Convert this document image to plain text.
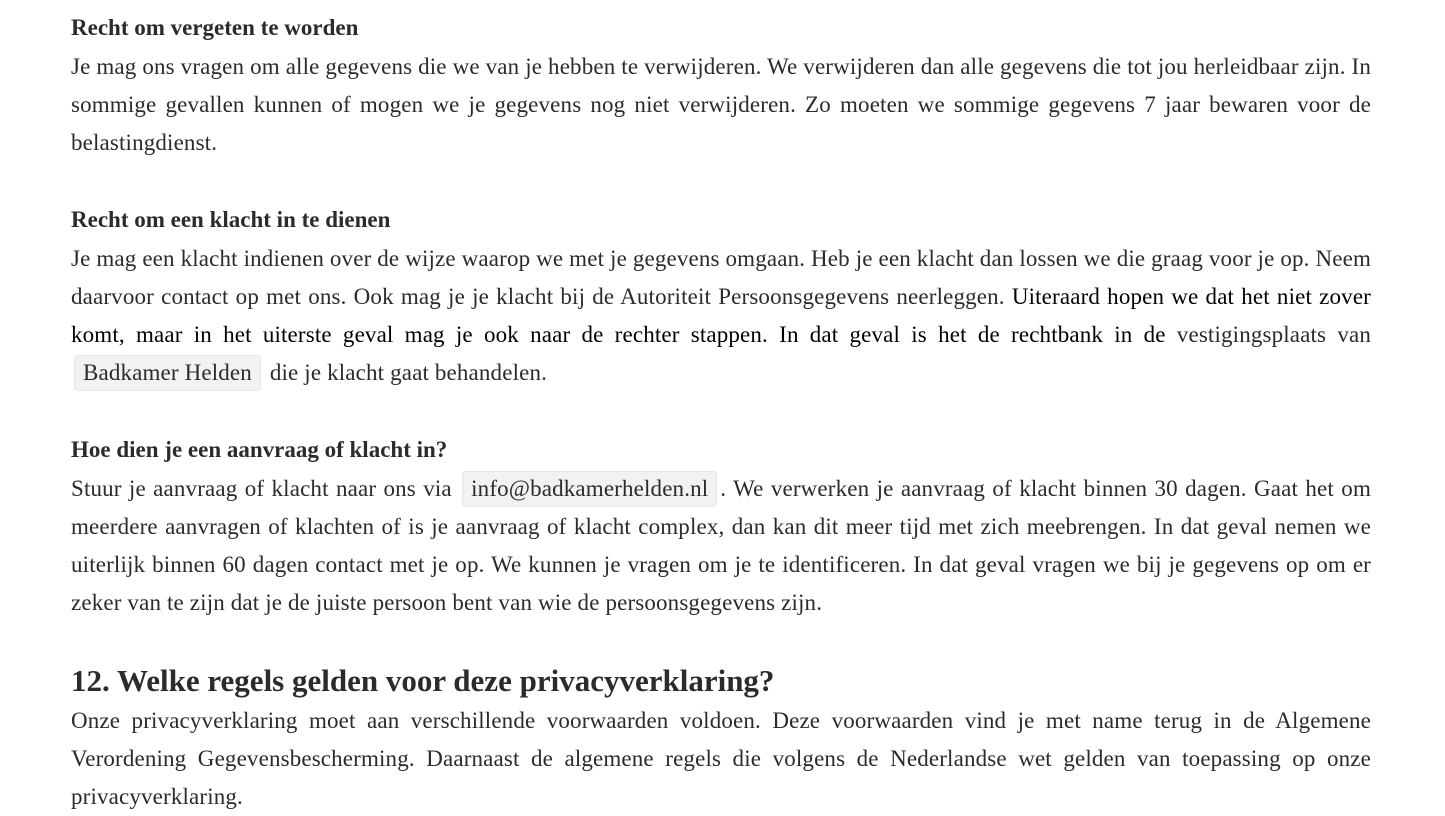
Recht om vergeten te worden

Je mag ons vragen om alle gegevens die we van je hebben te verwijderen. We verwijderen dan alle gegevens die tot jou herleidbaar zijn. In sommige gevallen kunnen of mogen we je gegevens nog niet verwijderen. Zo moeten we sommige gegevens 7 jaar bewaren voor de belastingdienst.

Recht om een klacht in te dienen

Je mag een klacht indienen over de wijze waarop we met je gegevens omgaan. Heb je een klacht dan lossen we die graag voor je op. Neem daarvoor contact op met ons. Ook mag je je klacht bij de Autoriteit Persoonsgegevens neerleggen. Uiteraard hopen we dat het niet zover komt, maar in het uiterste geval mag je ook naar de rechter stappen. In dat geval is het de rechtbank in de vestigingsplaats van Badkamer Helden die je klacht gaat behandelen.

Hoe dien je een aanvraag of klacht in?

Stuur je aanvraag of klacht naar ons via info@badkamerhelden.nl . We verwerken je aanvraag of klacht binnen 30 dagen. Gaat het om meerdere aanvragen of klachten of is je aanvraag of klacht complex, dan kan dit meer tijd met zich meebrengen. In dat geval nemen we uiterlijk binnen 60 dagen contact met je op. We kunnen je vragen om je te identificeren. In dat geval vragen we bij je gegevens op om er zeker van te zijn dat je de juiste persoon bent van wie de persoonsgegevens zijn.

12. Welke regels gelden voor deze privacyverklaring?

Onze privacyverklaring moet aan verschillende voorwaarden voldoen. Deze voorwaarden vind je met name terug in de Algemene Verordening Gegevensbescherming. Daarnaast de algemene regels die volgens de Nederlandse wet gelden van toepassing op onze privacyverklaring.
